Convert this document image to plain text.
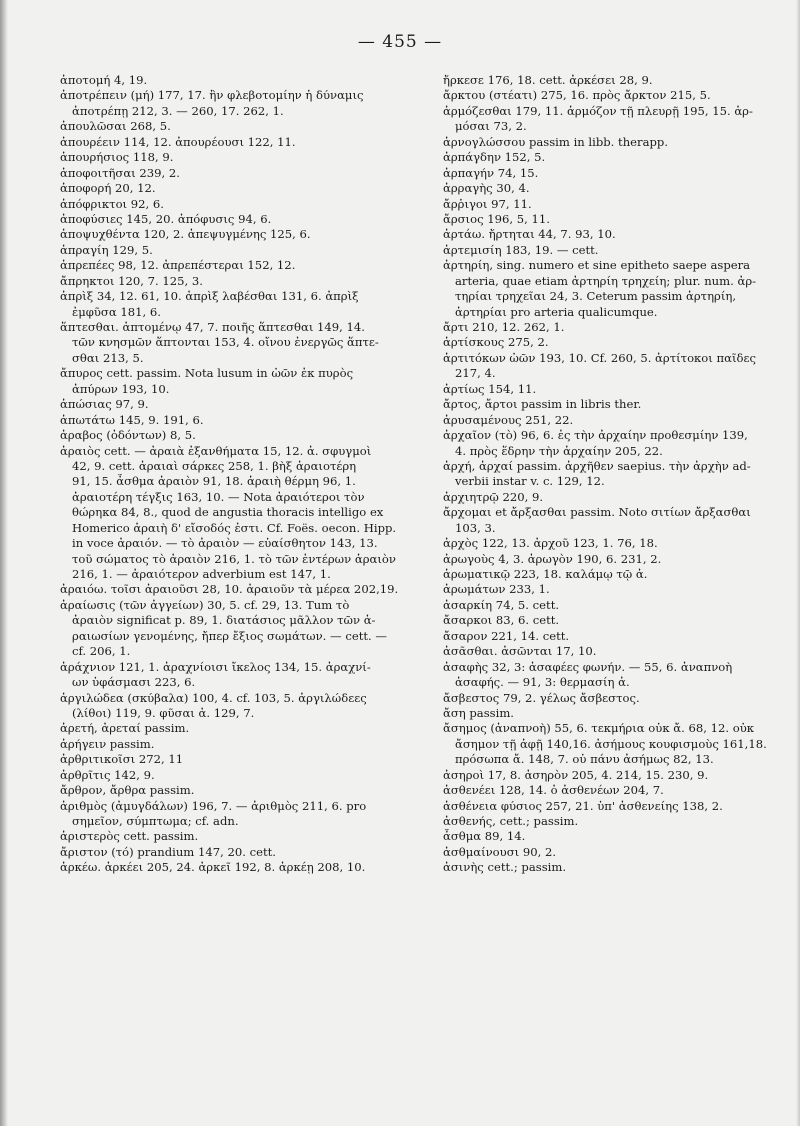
— 455 —
ἀποτομή 4, 19.
ἀποτρέπειν (μή) 177, 17. ἣν φλεβοτομίην ἡ δύναμις
ἀποτρέπῃ 212, 3. — 260, 17. 262, 1.
ἀπουλῶσαι 268, 5.
ἀπουρέειν 114, 12. ἀπουρέουσι 122, 11.
ἀπουρήσιος 118, 9.
ἀποφοιτῆσαι 239, 2.
ἀποφορή 20, 12.
ἀπόφρικτοι 92, 6.
ἀποφύσιες 145, 20. ἀπόφυσις 94, 6.
ἀποψυχθέντα 120, 2. ἀπεψυγμένης 125, 6.
ἀπραγίη 129, 5.
ἀπρεπέες 98, 12. ἀπρεπέστεραι 152, 12.
ἄπρηκτοι 120, 7. 125, 3.
ἀπρὶξ 34, 12. 61, 10. ἀπρὶξ λαβέσθαι 131, 6. ἀπρὶξ
ἐμφῦσα 181, 6.
ἅπτεσθαι. ἁπτομένῳ 47, 7. ποιῆς ἅπτεσθαι 149, 14.
τῶν κνησμῶν ἅπτονται 153, 4. οἴνου ἐνεργῶς ἅπτε-
σθαι 213, 5.
ἄπυρος cett. passim. Nota lusum in ὠῶν ἐκ πυρὸς
ἀπύρων 193, 10.
ἀπώσιας 97, 9.
ἀπωτάτω 145, 9. 191, 6.
ἀραβος (ὀδόντων) 8, 5.
ἀραιὸς cett. — ἀραιὰ ἐξανθήματα 15, 12. ἀ. σφυγμοὶ
42, 9. cett. ἀραιαὶ σάρκες 258, 1. βὴξ ἀραιοτέρη
91, 15. ἆσθμα ἀραιὸν 91, 18. ἀραιὴ θέρμη 96, 1.
ἀραιοτέρη τέγξις 163, 10. — Nota ἀραιότεροι τὸν
θώρηκα 84, 8., quod de angustia thoracis intelligo ex
Homerico ἀραιὴ δ' εἴσοδός ἐστι. Cf. Foës. oecon. Hipp.
in voce ἀραιόν. — τὸ ἀραιὸν — εὐαίσθητον 143, 13.
τοῦ σώματος τὸ ἀραιὸν 216, 1. τὸ τῶν ἐντέρων ἀραιὸν
216, 1. — ἀραιότερον adverbium est 147, 1.
ἀραιόω. τοῖσι ἀραιοῦσι 28, 10. ἀραιοῦν τὰ μέρεα 202,19.
ἀραίωσις (τῶν ἀγγείων) 30, 5. cf. 29, 13. Tum τὸ
ἀραιὸν significat p. 89, 1. διατάσιος μᾶλλον τῶν ἀ-
ραιωσίων γενομένης, ἤπερ ἔξιος σωμάτων. — cett. —
cf. 206, 1.
ἀράχνιον 121, 1. ἀραχνίοισι ἴκελος 134, 15. ἀραχνί-
ων ὑφάσμασι 223, 6.
ἀργιλώδεα (σκύβαλα) 100, 4. cf. 103, 5. ἀργιλώδεες
(λίθοι) 119, 9. φῦσαι ἀ. 129, 7.
ἀρετή, ἀρεταί passim.
ἀρήγειν passim.
ἀρθριτικοῖσι 272, 11
ἀρθρῖτις 142, 9.
ἄρθρον, ἄρθρα passim.
ἀριθμὸς (ἀμυγδάλων) 196, 7. — ἀριθμὸς 211, 6. pro
σημεῖον, σύμπτωμα; cf. adn.
ἀριστερὸς cett. passim.
ἄριστον (τό) prandium 147, 20. cett.
ἀρκέω. ἀρκέει 205, 24. ἀρκεῖ 192, 8. ἀρκέῃ 208, 10.
ἤρκεσε 176, 18. cett. ἀρκέσει 28, 9.
ἄρκτου (στέατι) 275, 16. πρὸς ἄρκτον 215, 5.
ἁρμόζεσθαι 179, 11. ἁρμόζον τῇ πλευρῇ 195, 15. ἁρ-
μόσαι 73, 2.
ἀρνογλώσσου passim in libb. therapp.
ἀρπάγδην 152, 5.
ἀρπαγήν 74, 15.
ἀρραγὴς 30, 4.
ἄρῥιγοι 97, 11.
ἄρσιος 196, 5, 11.
ἀρτάω. ἤρτηται 44, 7. 93, 10.
ἀρτεμισίη 183, 19. — cett.
ἀρτηρίη, sing. numero et sine epitheto saepe aspera
arteria, quae etiam ἀρτηρίη τρηχείη; plur. num. ἀρ-
τηρίαι τρηχεῖαι 24, 3. Ceterum passim ἀρτηρίη,
ἀρτηρίαι pro arteria qualicumque.
ἄρτι 210, 12. 262, 1.
ἀρτίσκους 275, 2.
ἀρτιτόκων ὠῶν 193, 10. Cf. 260, 5. ἀρτίτοκοι παῖδες
217, 4.
ἀρτίως 154, 11.
ἄρτος, ἄρτοι passim in libris ther.
ἀρυσαμένους 251, 22.
ἀρχαῖον (τὸ) 96, 6. ἐς τὴν ἀρχαίην προθεσμίην 139,
4. πρὸς ἕδρην τὴν ἀρχαίην 205, 22.
ἀρχή, ἀρχαί passim. ἀρχῆθεν saepius. τὴν ἀρχὴν ad-
verbii instar v. c. 129, 12.
ἀρχιητρῷ 220, 9.
ἄρχομαι et ἄρξασθαι passim. Noto σιτίων ἄρξασθαι
103, 3.
ἀρχὸς 122, 13. ἀρχοῦ 123, 1. 76, 18.
ἀρωγοὺς 4, 3. ἀρωγὸν 190, 6. 231, 2.
ἀρωματικῷ 223, 18. καλάμῳ τῷ ἀ.
ἀρωμάτων 233, 1.
ἀσαρκίη 74, 5. cett.
ἄσαρκοι 83, 6. cett.
ἄσαρον 221, 14. cett.
ἀσᾶσθαι. ἀσῶνται 17, 10.
ἀσαφὴς 32, 3: ἀσαφέες φωνήν. — 55, 6. ἀναπνοὴ
ἀσαφής. — 91, 3: θερμασίη ἀ.
ἄσβεστος 79, 2. γέλως ἄσβεστος.
ἄση passim.
ἄσημος (ἀναπνοὴ) 55, 6. τεκμήρια οὐκ ἄ. 68, 12. οὐκ
ἄσημον τῇ ἀφῇ 140,16. ἀσήμους κουφισμοὺς 161,18.
πρόσωπα ἄ. 148, 7. οὐ πάνυ ἀσήμως 82, 13.
ἀσηροὶ 17, 8. ἀσηρὸν 205, 4. 214, 15. 230, 9.
ἀσθενέει 128, 14. ὁ ἀσθενέων 204, 7.
ἀσθένεια φύσιος 257, 21. ὑπ' ἀσθενείης 138, 2.
ἀσθενής, cett.; passim.
ἆσθμα 89, 14.
ἀσθμαίνουσι 90, 2.
ἀσινὴς cett.; passim.
